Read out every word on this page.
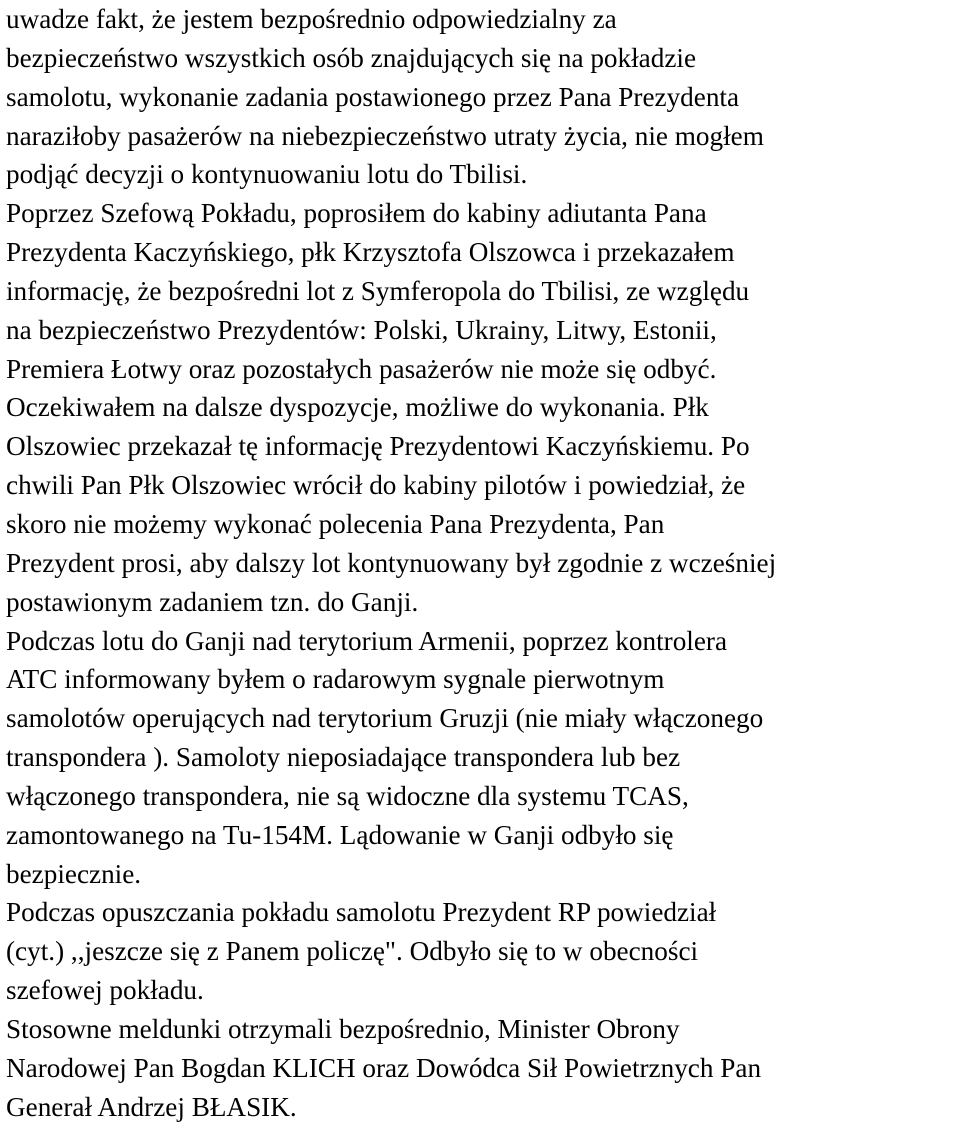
uwadze fakt, że jestem bezpośrednio odpowiedzialny za
bezpieczeństwo wszystkich osób znajdujących się na pokładzie
samolotu, wykonanie zadania postawionego przez Pana Prezydenta
naraziłoby pasażerów na niebezpieczeństwo utraty życia, nie mogłem
podjąć decyzji o kontynuowaniu lotu do Tbilisi.
Poprzez Szefową Pokładu, poprosiłem do kabiny adiutanta Pana
Prezydenta Kaczyńskiego, płk Krzysztofa Olszowca i przekazałem
informację, że bezpośredni lot z Symferopola do Tbilisi, ze względu
na bezpieczeństwo Prezydentów: Polski, Ukrainy, Litwy, Estonii,
Premiera Łotwy oraz pozostałych pasażerów nie może się odbyć.
Oczekiwałem na dalsze dyspozycje, możliwe do wykonania. Płk
Olszowiec przekazał tę informację Prezydentowi Kaczyńskiemu. Po
chwili Pan Płk Olszowiec wrócił do kabiny pilotów i powiedział, że
skoro nie możemy wykonać polecenia Pana Prezydenta, Pan
Prezydent prosi, aby dalszy lot kontynuowany był zgodnie z wcześniej
postawionym zadaniem tzn. do Ganji.
Podczas lotu do Ganji nad terytorium Armenii, poprzez kontrolera
ATC informowany byłem o radarowym sygnale pierwotnym
samolotów operujących nad terytorium Gruzji (nie miały włączonego
transpondera ). Samoloty nieposiadające transpondera lub bez
włączonego transpondera, nie są widoczne dla systemu TCAS,
zamontowanego na Tu-154M. Lądowanie w Ganji odbyło się
bezpiecznie.
Podczas opuszczania pokładu samolotu Prezydent RP powiedział
(cyt.) ,,jeszcze się z Panem policzę". Odbyło się to w obecności
szefowej pokładu.
Stosowne meldunki otrzymali bezpośrednio, Minister Obrony
Narodowej Pan Bogdan KLICH oraz Dowódca Sił Powietrznych Pan
Generał Andrzej BŁASIK.
